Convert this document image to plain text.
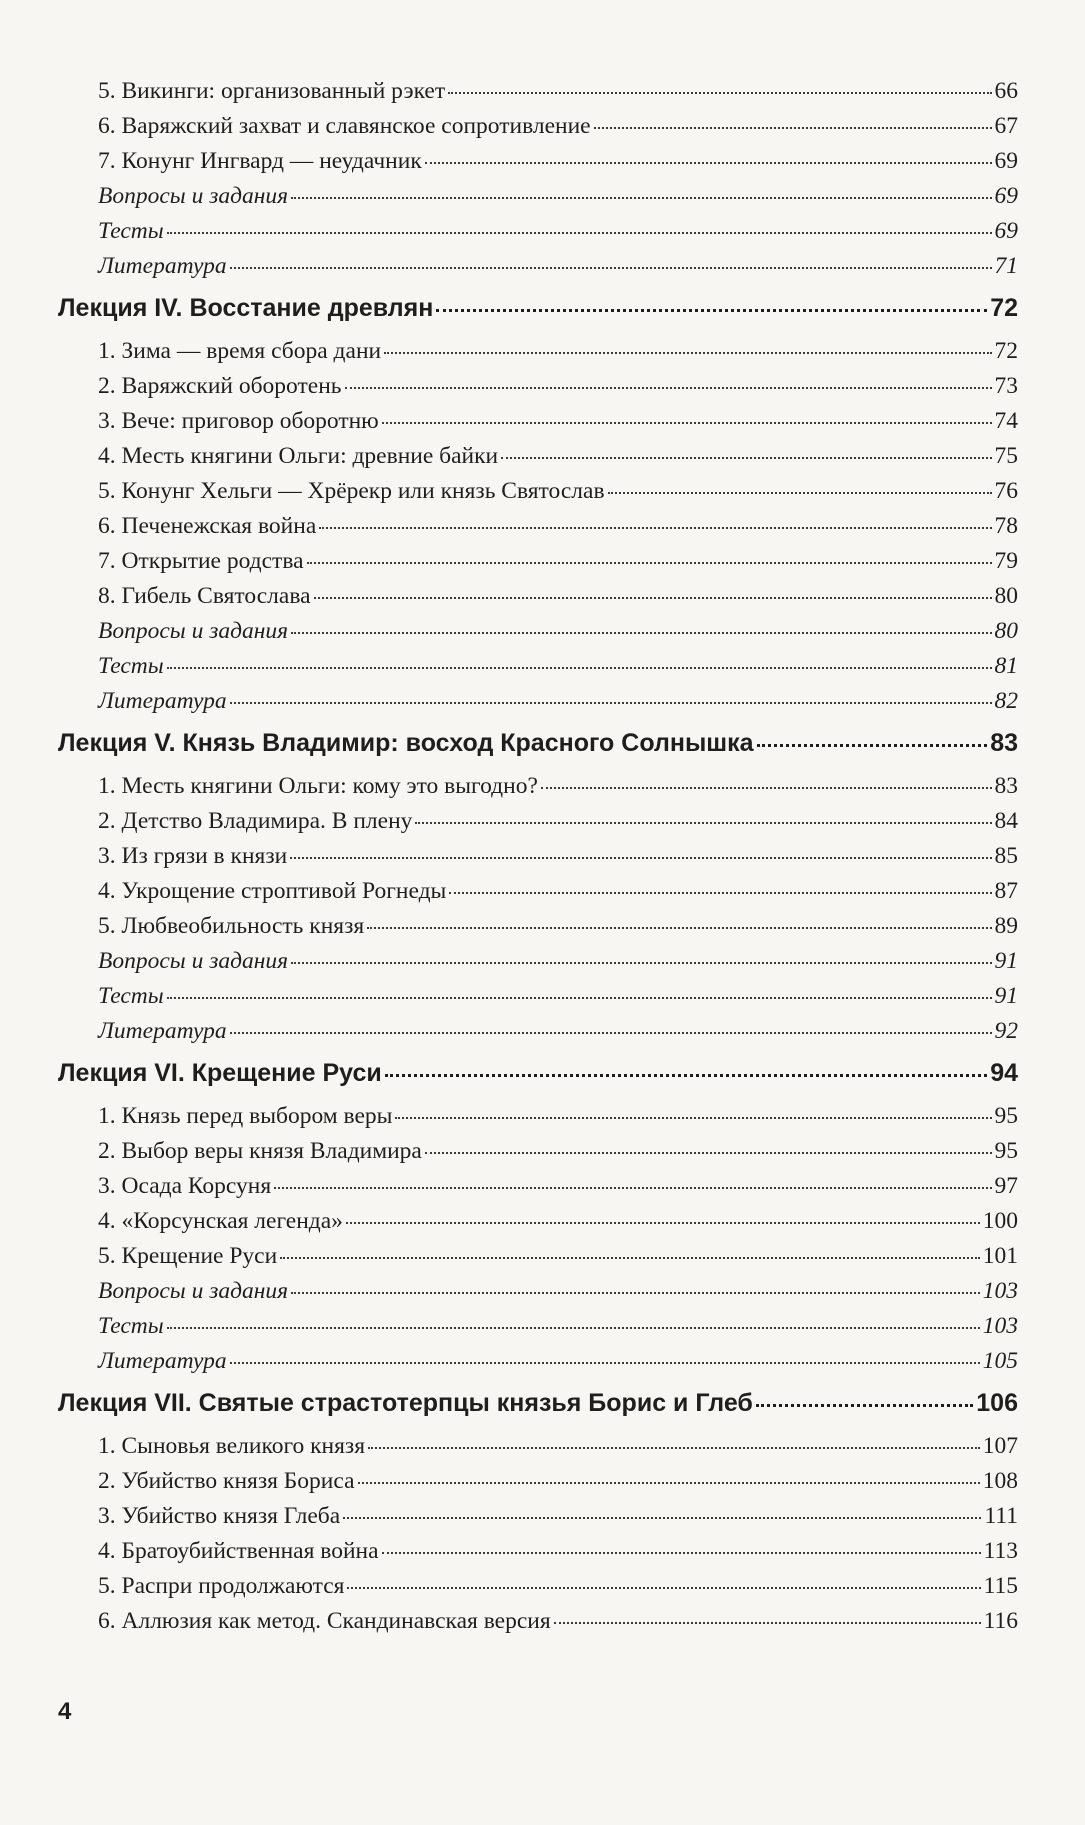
5. Викинги: организованный рэкет	66
6. Варяжский захват и славянское сопротивление	67
7. Конунг Ингвард — неудачник	69
Вопросы и задания	69
Тесты	69
Литература	71
Лекция IV. Восстание древлян	72
1. Зима — время сбора дани	72
2. Варяжский оборотень	73
3. Вече: приговор оборотню	74
4. Месть княгини Ольги: древние байки	75
5. Конунг Хельги — Хрёрекр или князь Святослав	76
6. Печенежская война	78
7. Открытие родства	79
8. Гибель Святослава	80
Вопросы и задания	80
Тесты	81
Литература	82
Лекция V. Князь Владимир: восход Красного Солнышка	83
1. Месть княгини Ольги: кому это выгодно?	83
2. Детство Владимира. В плену	84
3. Из грязи в князи	85
4. Укрощение строптивой Рогнеды	87
5. Любвеобильность князя	89
Вопросы и задания	91
Тесты	91
Литература	92
Лекция VI. Крещение Руси	94
1. Князь перед выбором веры	95
2. Выбор веры князя Владимира	95
3. Осада Корсуня	97
4. «Корсунская легенда»	100
5. Крещение Руси	101
Вопросы и задания	103
Тесты	103
Литература	105
Лекция VII. Святые страстотерпцы князья Борис и Глеб	106
1. Сыновья великого князя	107
2. Убийство князя Бориса	108
3. Убийство князя Глеба	111
4. Братоубийственная война	113
5. Распри продолжаются	115
6. Аллюзия как метод. Скандинавская версия	116
4
